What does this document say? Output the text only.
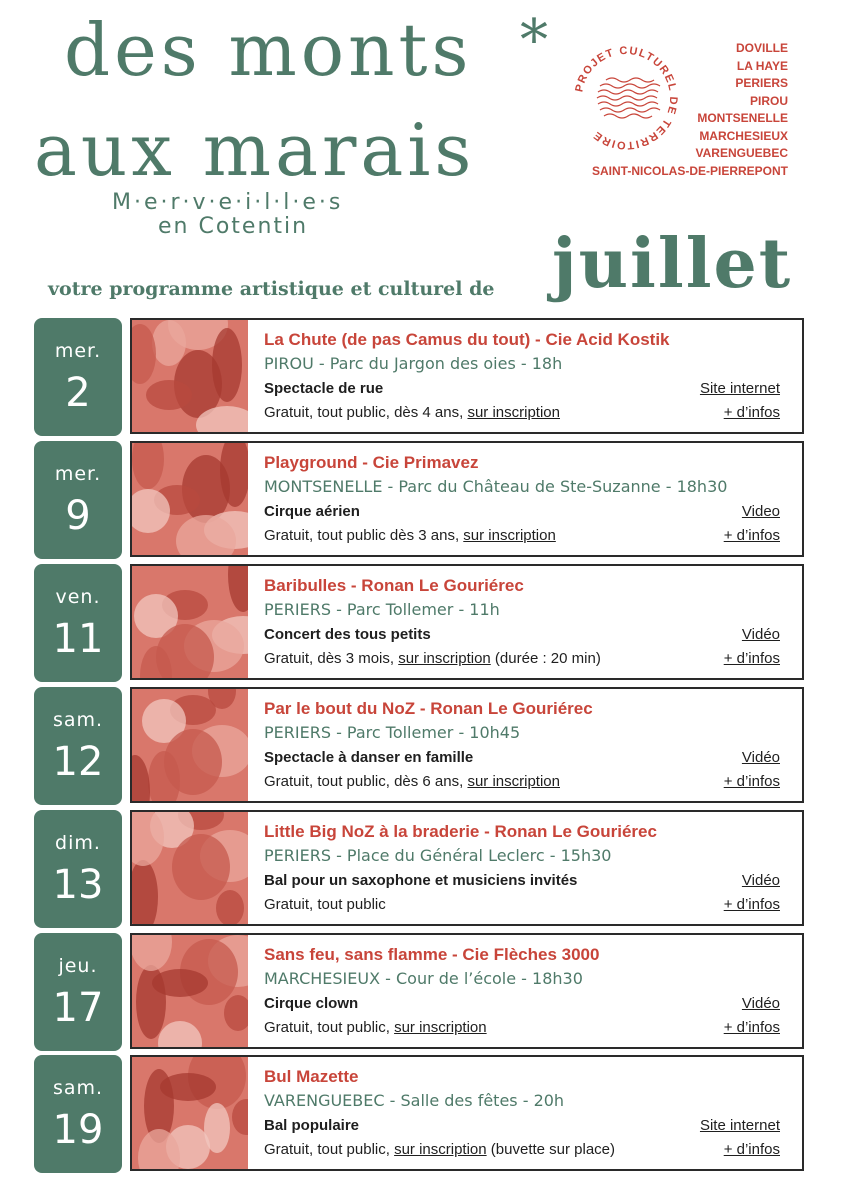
des monts *
aux marais
M·e·r·v·e·i·l·l·e·s
en Cotentin
PROJET CULTUREL DE TERRITOIRE
DOVILLE
LA HAYE
PERIERS
PIROU
MONTSENELLE
MARCHESIEUX
VARENGUEBEC
SAINT-NICOLAS-DE-PIERREPONT
votre programme artistique et culturel de juillet
mer.
2
La Chute (de pas Camus du tout) - Cie Acid Kostik
PIROU - Parc du Jargon des oies - 18h
Spectacle de rue
Gratuit, tout public, dès 4 ans, sur inscription
Site internet
+ d’infos
mer.
9
Playground - Cie Primavez
MONTSENELLE - Parc du Château de Ste-Suzanne - 18h30
Cirque aérien
Gratuit, tout public dès 3 ans, sur inscription
Video
+ d’infos
ven.
11
Baribulles - Ronan Le Gouriérec
PERIERS - Parc Tollemer - 11h
Concert des tous petits
Gratuit, dès 3 mois, sur inscription (durée : 20 min)
Vidéo
+ d’infos
sam.
12
Par le bout du NoZ - Ronan Le Gouriérec
PERIERS - Parc Tollemer - 10h45
Spectacle à danser en famille
Gratuit, tout public, dès 6 ans, sur inscription
Vidéo
+ d’infos
dim.
13
Little Big NoZ à la braderie - Ronan Le Gouriérec
PERIERS - Place du Général Leclerc - 15h30
Bal pour un saxophone et musiciens invités
Gratuit, tout public
Vidéo
+ d’infos
jeu.
17
Sans feu, sans flamme - Cie Flèches 3000
MARCHESIEUX - Cour de l’école - 18h30
Cirque clown
Gratuit, tout public, sur inscription
Vidéo
+ d’infos
sam.
19
Bul Mazette
VARENGUEBEC - Salle des fêtes - 20h
Bal populaire
Gratuit, tout public, sur inscription (buvette sur place)
Site internet
+ d’infos
